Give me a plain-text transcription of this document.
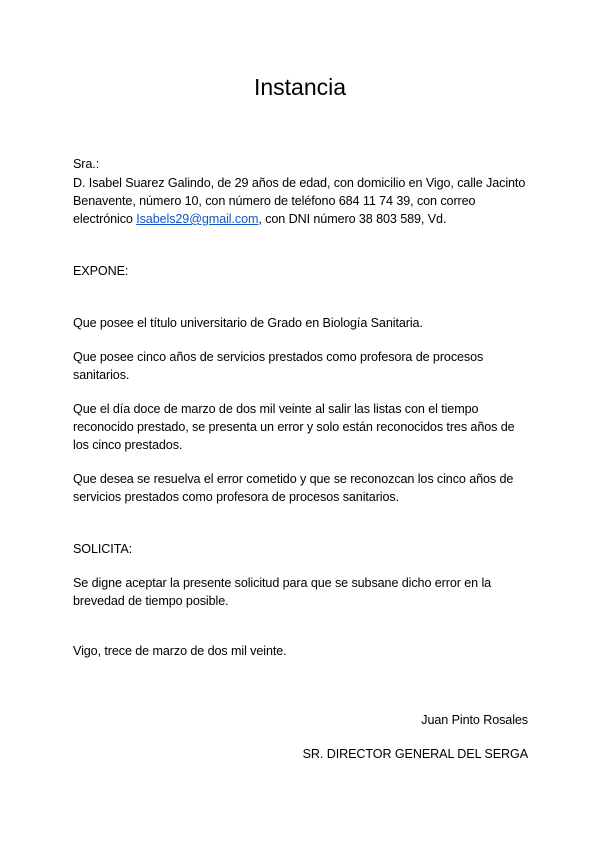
Instancia
Sra.:
D. Isabel Suarez Galindo, de 29 años de edad, con domicilio en Vigo, calle Jacinto Benavente, número 10, con número de teléfono 684 11 74 39, con correo electrónico Isabels29@gmail.com, con DNI número 38 803 589, Vd.
EXPONE:
Que posee el título universitario de Grado en Biología Sanitaria.
Que posee cinco años de servicios prestados como profesora de procesos sanitarios.
Que el día doce de marzo de dos mil veinte al salir las listas con el tiempo reconocido prestado, se presenta un error y solo están reconocidos tres años de los cinco prestados.
Que desea se resuelva el error cometido y que se reconozcan los cinco años de servicios prestados como profesora de procesos sanitarios.
SOLICITA:
Se digne aceptar la presente solicitud para que se subsane dicho error en la brevedad de tiempo posible.
Vigo, trece de marzo de dos mil veinte.
Juan Pinto Rosales
SR. DIRECTOR GENERAL DEL SERGA
